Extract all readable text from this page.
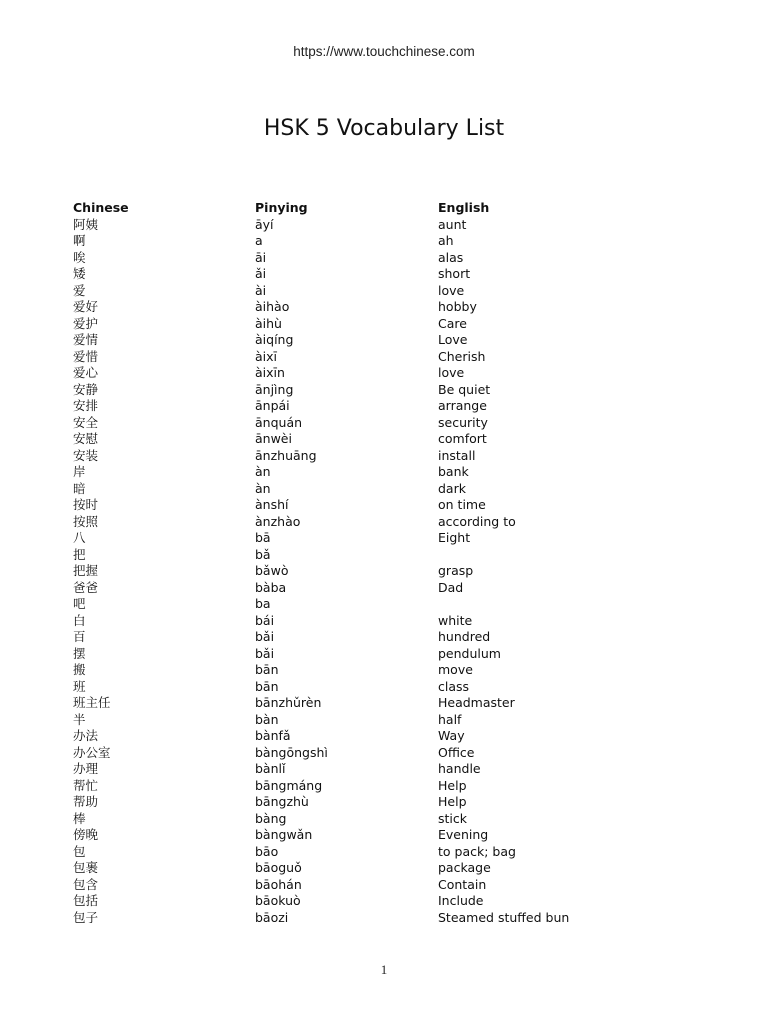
https://www.touchchinese.com
HSK 5 Vocabulary List
Chinese	Pinying	English
阿姨	āyí	aunt
啊	a	ah
唉	āi	alas
矮	ǎi	short
爱	ài	love
爱好	àihào	hobby
爱护	àihù	Care
爱情	àiqíng	Love
爱惜	àixī	Cherish
爱心	àixīn	love
安静	ānjìng	Be quiet
安排	ānpái	arrange
安全	ānquán	security
安慰	ānwèi	comfort
安装	ānzhuāng	install
岸	àn	bank
暗	àn	dark
按时	ànshí	on time
按照	ànzhào	according to
八	bā	Eight
把	bǎ
把握	bǎwò	grasp
爸爸	bàba	Dad
吧	ba
白	bái	white
百	bǎi	hundred
摆	bǎi	pendulum
搬	bān	move
班	bān	class
班主任	bānzhǔrèn	Headmaster
半	bàn	half
办法	bànfǎ	Way
办公室	bàngōngshì	Office
办理	bànlǐ	handle
帮忙	bāngmáng	Help
帮助	bāngzhù	Help
棒	bàng	stick
傍晚	bàngwǎn	Evening
包	bāo	to pack; bag
包裹	bāoguǒ	package
包含	bāohán	Contain
包括	bāokuò	Include
包子	bāozi	Steamed stuffed bun
1
